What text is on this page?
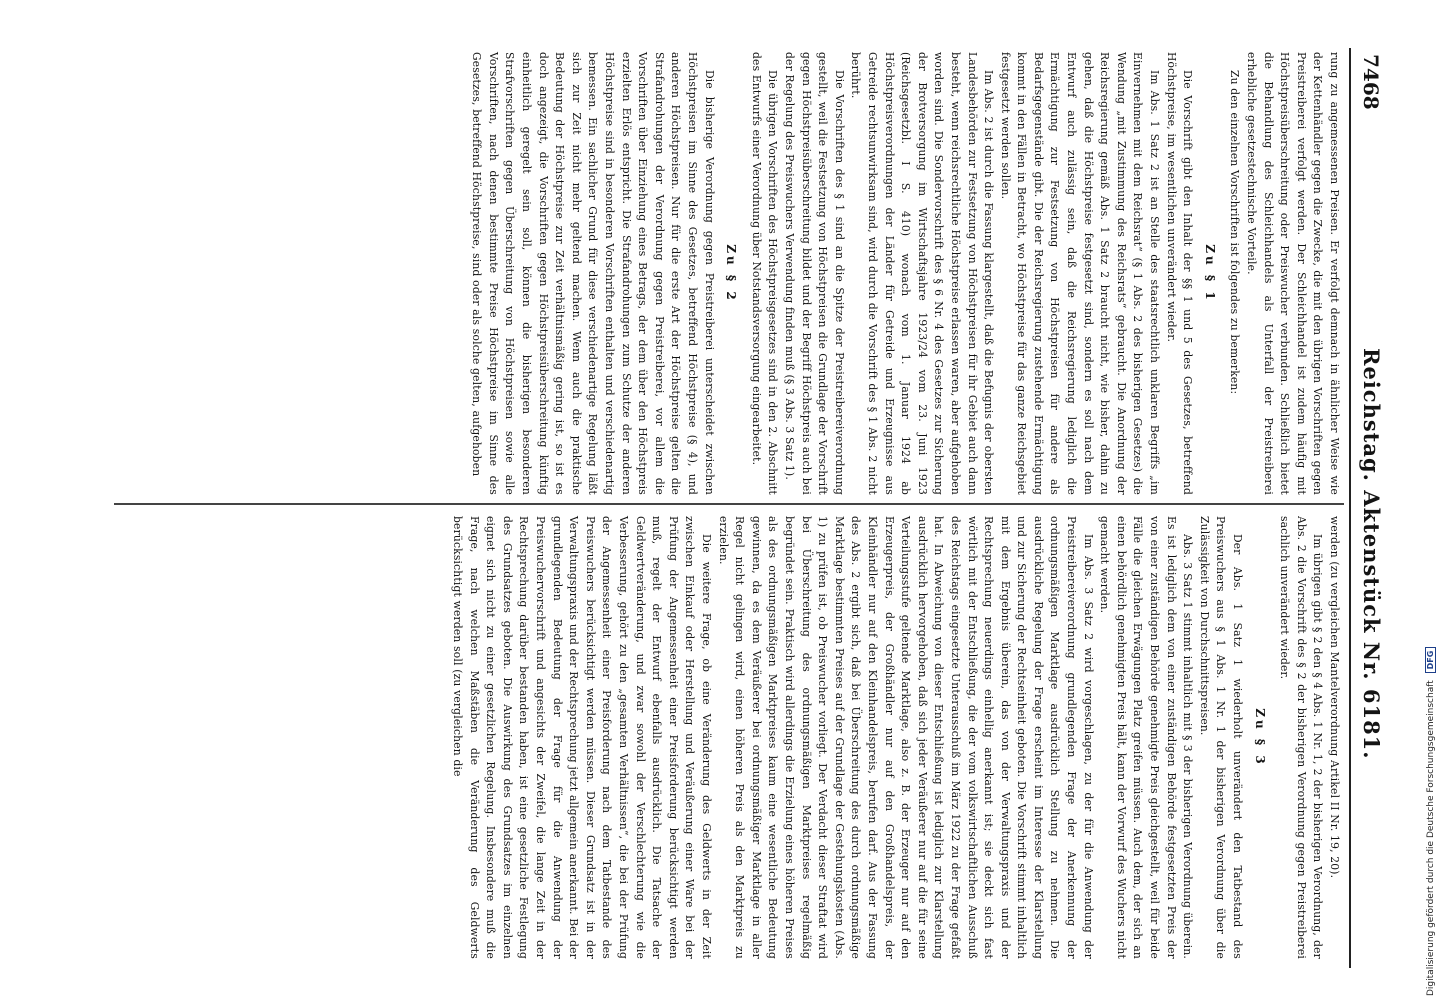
7468
Reichstag. Aktenstück Nr. 6181.

rung zu angemessenen Preisen. Er verfolgt demnach in ähnlicher Weise wie der Kettenhändler gegen die Zwecke, die mit den übrigen Vorschriften gegen Preistreiberei verfolgt werden. Der Schleichhandel ist zudem häufig mit Höchstpreisüberschreitung oder Preiswucher verbunden. Schließlich bietet die Behandlung des Schleichhandels als Unterfall der Preistreiberei erhebliche gesetzestechnische Vorteile.

Zu den einzelnen Vorschriften ist folgendes zu bemerken:

Zu § 1

Die Vorschrift gibt den Inhalt der §§ 1 und 5 des Gesetzes, betreffend Höchstpreise, im wesentlichen unverändert wieder.

Im Abs. 1 Satz 2 ist an Stelle des staatsrechtlich unklaren Begriffs „im Einvernehmen mit dem Reichsrat“ (§ 1 Abs. 2 des bisherigen Gesetzes) die Wendung „mit Zustimmung des Reichsrats“ gebraucht. Die Anordnung der Reichsregierung gemäß Abs. 1 Satz 2 braucht nicht, wie bisher, dahin zu gehen, daß die Höchstpreise festgesetzt sind, sondern es soll nach dem Entwurf auch zulässig sein, daß die Reichsregierung lediglich die Ermächtigung zur Festsetzung von Höchstpreisen für andere als Bedarfsgegenstände gibt. Die der Reichsregierung zustehende Ermächtigung kommt in den Fällen in Betracht, wo Höchstpreise für das ganze Reichsgebiet festgesetzt werden sollen.

Im Abs. 2 ist durch die Fassung klargestellt, daß die Befugnis der obersten Landesbehörden zur Festsetzung von Höchstpreisen für ihr Gebiet auch dann besteht, wenn reichsrechtliche Höchstpreise erlassen waren, aber aufgehoben worden sind. Die Sondervorschrift des § 6 Nr. 4 des Gesetzes zur Sicherung der Brotversorgung im Wirtschaftsjahre 1923/24 vom 23. Juni 1923 (Reichsgesetzbl. I S. 410) wonach vom 1. Januar 1924 ab Höchstpreisverordnungen der Länder für Getreide und Erzeugnisse aus Getreide rechtsunwirksam sind, wird durch die Vorschrift des § 1 Abs. 2 nicht berührt.

Die Vorschriften des § 1 sind an die Spitze der Preistreibereiverordnung gestellt, weil die Festsetzung von Höchstpreisen die Grundlage der Vorschrift gegen Höchstpreisüberschreitung bildet und der Begriff Höchstpreis auch bei der Regelung des Preiswuchers Verwendung finden muß (§ 3 Abs. 3 Satz 1).

Die übrigen Vorschriften des Höchstpreisgesetzes sind in den 2. Abschnitt des Entwurfs einer Verordnung über Notstandsversorgung eingearbeitet.

Zu § 2

Die bisherige Verordnung gegen Preistreiberei unterscheidet zwischen Höchstpreisen im Sinne des Gesetzes, betreffend Höchstpreise (§ 4), und anderen Höchstpreisen. Nur für die erste Art der Höchstpreise gelten die Strafandrohungen der Verordnung gegen Preistreiberei, vor allem die Vorschriften über Einziehung eines Betrags, der dem über den Höchstpreis erzielten Erlös entspricht. Die Strafandrohungen zum Schutze der anderen Höchstpreise sind in besonderen Vorschriften enthalten und verschiedenartig bemessen. Ein sachlicher Grund für diese verschiedenartige Regelung läßt sich zur Zeit nicht mehr geltend machen. Wenn auch die praktische Bedeutung der Höchstpreise zur Zeit verhältnismäßig gering ist, so ist es doch angezeigt, die Vorschriften gegen Höchstpreisüberschreitung künftig einheitlich geregelt sein soll, können die bisherigen besonderen Strafvorschriften gegen Überschreitung von Höchstpreisen sowie alle Vorschriften, nach denen bestimmte Preise Höchstpreise im Sinne des Gesetzes, betreffend Höchstpreise, sind oder als solche gelten, aufgehoben

werden (zu vergleichen Mantelverordnung Artikel II Nr. 19, 20).

Im übrigen gibt § 2 den § 4 Abs. 1 Nr. 1, 2 der bisherigen Verordnung, der Abs. 2 die Vorschrift des § 2 der bisherigen Verordnung gegen Preistreiberei sachlich unverändert wieder.

Zu § 3

Der Abs. 1 Satz 1 wiederholt unverändert den Tatbestand des Preiswuchers aus § 1 Abs. 1 Nr. 1 der bisherigen Verordnung über die Zulässigkeit von Durchschnittspreisen.

Abs. 3 Satz 1 stimmt inhaltlich mit § 3 der bisherigen Verordnung überein. Es ist lediglich dem von einer zuständigen Behörde festgesetzten Preis der von einer zuständigen Behörde genehmigte Preis gleichgestellt, weil für beide Fälle die gleichen Erwägungen Platz greifen müssen. Auch dem, der sich an einen behördlich genehmigten Preis hält, kann der Vorwurf des Wuchers nicht gemacht werden.

Im Abs. 3 Satz 2 wird vorgeschlagen, zu der für die Anwendung der Preistreibereiverordnung grundlegenden Frage der Anerkennung der ordnungsmäßigen Marktlage ausdrücklich Stellung zu nehmen. Die ausdrückliche Regelung der Frage erscheint im Interesse der Klarstellung und zur Sicherung der Rechtseinheit geboten. Die Vorschrift stimmt inhaltlich mit dem Ergebnis überein, das von der Verwaltungspraxis und der Rechtsprechung neuerdings einhellig anerkannt ist; sie deckt sich fast wörtlich mit der Entschließung, die der vom volkswirtschaftlichen Ausschuß des Reichstags eingesetzte Unterausschuß im März 1922 zu der Frage gefaßt hat. In Abweichung von dieser Entschließung ist lediglich zur Klarstellung ausdrücklich hervorgehoben, daß sich jeder Veräußerer nur auf die für seine Verteilungsstufe geltende Marktlage, also z. B. der Erzeuger nur auf den Erzeugerpreis, der Großhändler nur auf den Großhandelspreis, der Kleinhändler nur auf den Kleinhandelspreis, berufen darf. Aus der Fassung des Abs. 2 ergibt sich, daß bei Überschreitung des durch ordnungsmäßige Marktlage bestimmten Preises auf der Grundlage der Gestehungskosten (Abs. 1) zu prüfen ist, ob Preiswucher vorliegt. Der Verdacht dieser Straftat wird bei Überschreitung des ordnungsmäßigen Marktpreises regelmäßig begründet sein. Praktisch wird allerdings die Erzielung eines höheren Preises als des ordnungsmäßigen Marktpreises kaum eine wesentliche Bedeutung gewinnen, da es dem Veräußerer bei ordnungsmäßiger Marktlage in aller Regel nicht gelingen wird, einen höheren Preis als den Marktpreis zu erzielen.

Die weitere Frage, ob eine Veränderung des Geldwerts in der Zeit zwischen Einkauf oder Herstellung und Veräußerung einer Ware bei der Prüfung der Angemessenheit einer Preisforderung berücksichtigt werden muß, regelt der Entwurf ebenfalls ausdrücklich. Die Tatsache der Geldwertveränderung, und zwar sowohl der Verschlechterung wie die Verbesserung, gehört zu den „gesamten Verhältnissen“, die bei der Prüfung der Angemessenheit einer Preisforderung nach dem Tatbestande des Preiswuchers berücksichtigt werden müssen. Dieser Grundsatz ist in der Verwaltungspraxis und der Rechtsprechung jetzt allgemein anerkannt. Bei der grundlegenden Bedeutung der Frage für die Anwendung der Preiswuchervorschrift und angesichts der Zweifel, die lange Zeit in der Rechtsprechung darüber bestanden haben, ist eine gesetzliche Festlegung des Grundsatzes geboten. Die Auswirkung des Grundsatzes im einzelnen eignet sich nicht zu einer gesetzlichen Regelung. Insbesondere muß die Frage, nach welchen Maßstäben die Veränderung des Geldwerts berücksichtigt werden soll (zu vergleichen die

Digitalisierung gefördert durch die Deutsche Forschungsgemeinschaft DFG
